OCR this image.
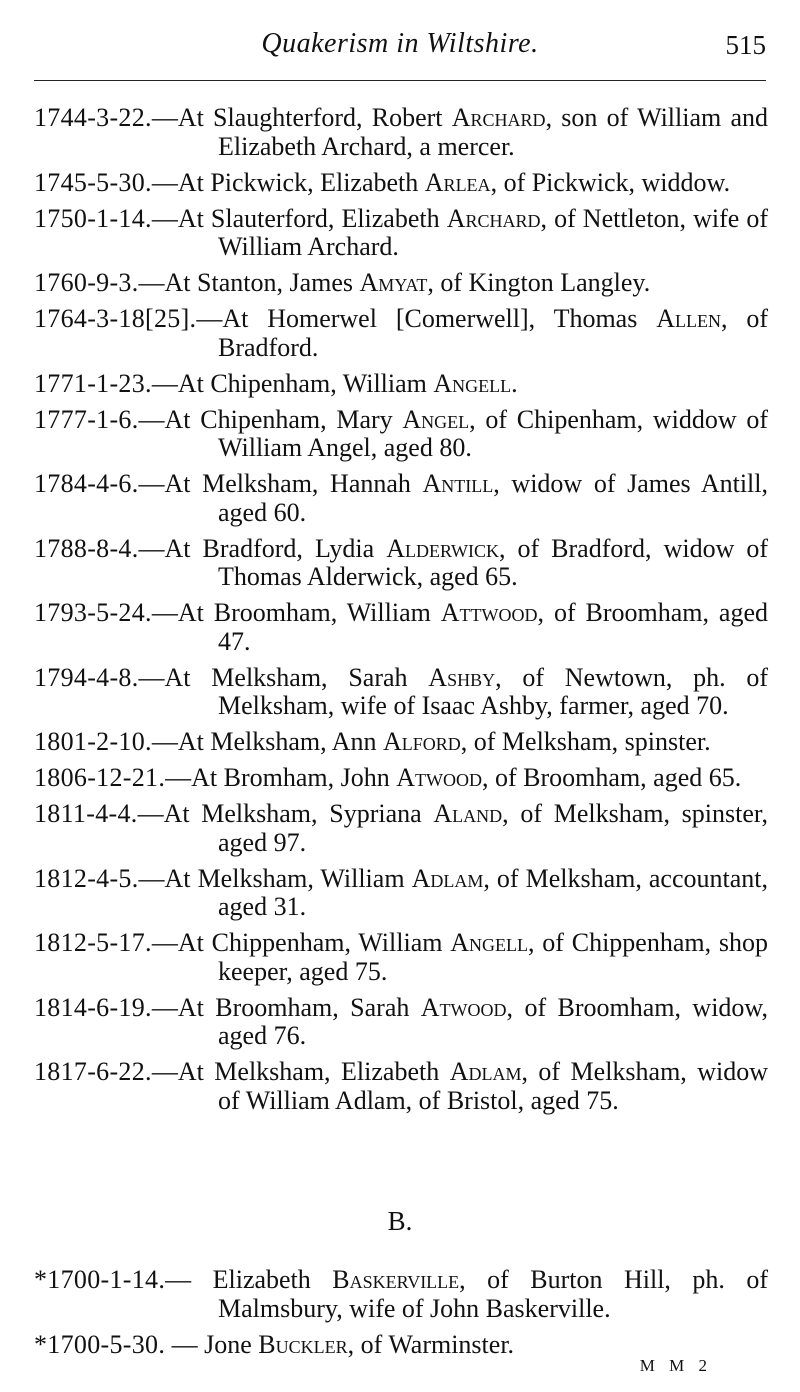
Quakerism in Wiltshire.	515
1744-3-22.—At Slaughterford, Robert Archard, son of William and Elizabeth Archard, a mercer.
1745-5-30.—At Pickwick, Elizabeth Arlea, of Pickwick, widdow.
1750-1-14.—At Slauterford, Elizabeth Archard, of Nettleton, wife of William Archard.
1760-9-3.—At Stanton, James Amyat, of Kington Langley.
1764-3-18[25].—At Homerwel [Comerwell], Thomas Allen, of Bradford.
1771-1-23.—At Chipenham, William Angell.
1777-1-6.—At Chipenham, Mary Angel, of Chipenham, widdow of William Angel, aged 80.
1784-4-6.—At Melksham, Hannah Antill, widow of James Antill, aged 60.
1788-8-4.—At Bradford, Lydia Alderwick, of Bradford, widow of Thomas Alderwick, aged 65.
1793-5-24.—At Broomham, William Attwood, of Broomham, aged 47.
1794-4-8.—At Melksham, Sarah Ashby, of Newtown, ph. of Melksham, wife of Isaac Ashby, farmer, aged 70.
1801-2-10.—At Melksham, Ann Alford, of Melksham, spinster.
1806-12-21.—At Bromham, John Atwood, of Broomham, aged 65.
1811-4-4.—At Melksham, Sypriana Aland, of Melksham, spinster, aged 97.
1812-4-5.—At Melksham, William Adlam, of Melksham, accountant, aged 31.
1812-5-17.—At Chippenham, William Angell, of Chippenham, shop keeper, aged 75.
1814-6-19.—At Broomham, Sarah Atwood, of Broomham, widow, aged 76.
1817-6-22.—At Melksham, Elizabeth Adlam, of Melksham, widow of William Adlam, of Bristol, aged 75.
B.
*1700-1-14.— Elizabeth Baskerville, of Burton Hill, ph. of Malmsbury, wife of John Baskerville.
*1700-5-30. — Jone Buckler, of Warminster.
M M 2
